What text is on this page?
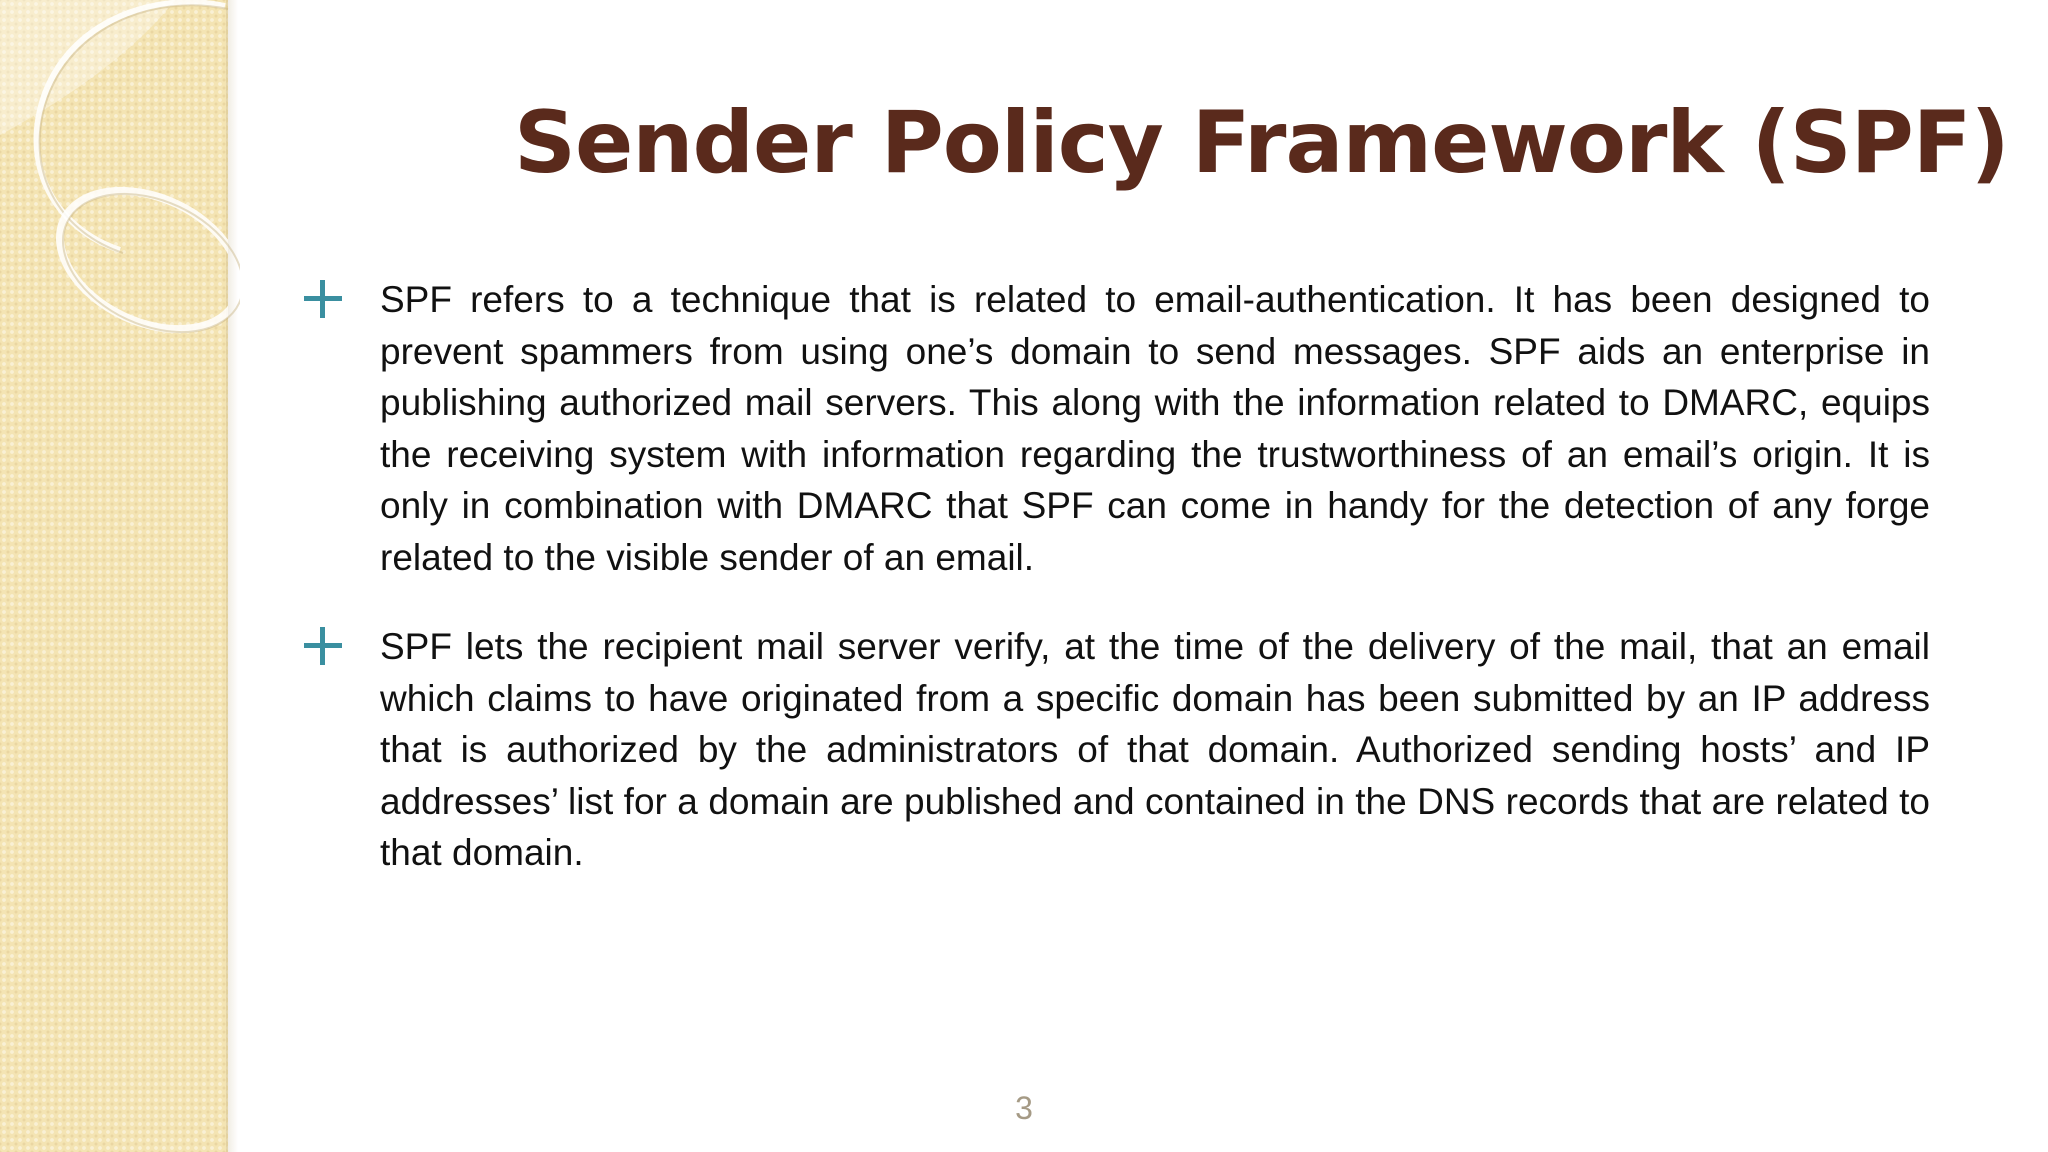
Sender Policy Framework (SPF)

SPF refers to a technique that is related to email-authentication. It has been designed to prevent spammers from using one’s domain to send messages. SPF aids an enterprise in publishing authorized mail servers. This along with the information related to DMARC, equips the receiving system with information regarding the trustworthiness of an email’s origin. It is only in combination with DMARC that SPF can come in handy for the detection of any forge related to the visible sender of an email.

SPF lets the recipient mail server verify, at the time of the delivery of the mail, that an email which claims to have originated from a specific domain has been submitted by an IP address that is authorized by the administrators of that domain. Authorized sending hosts’ and IP addresses’ list for a domain are published and contained in the DNS records that are related to that domain.

3
